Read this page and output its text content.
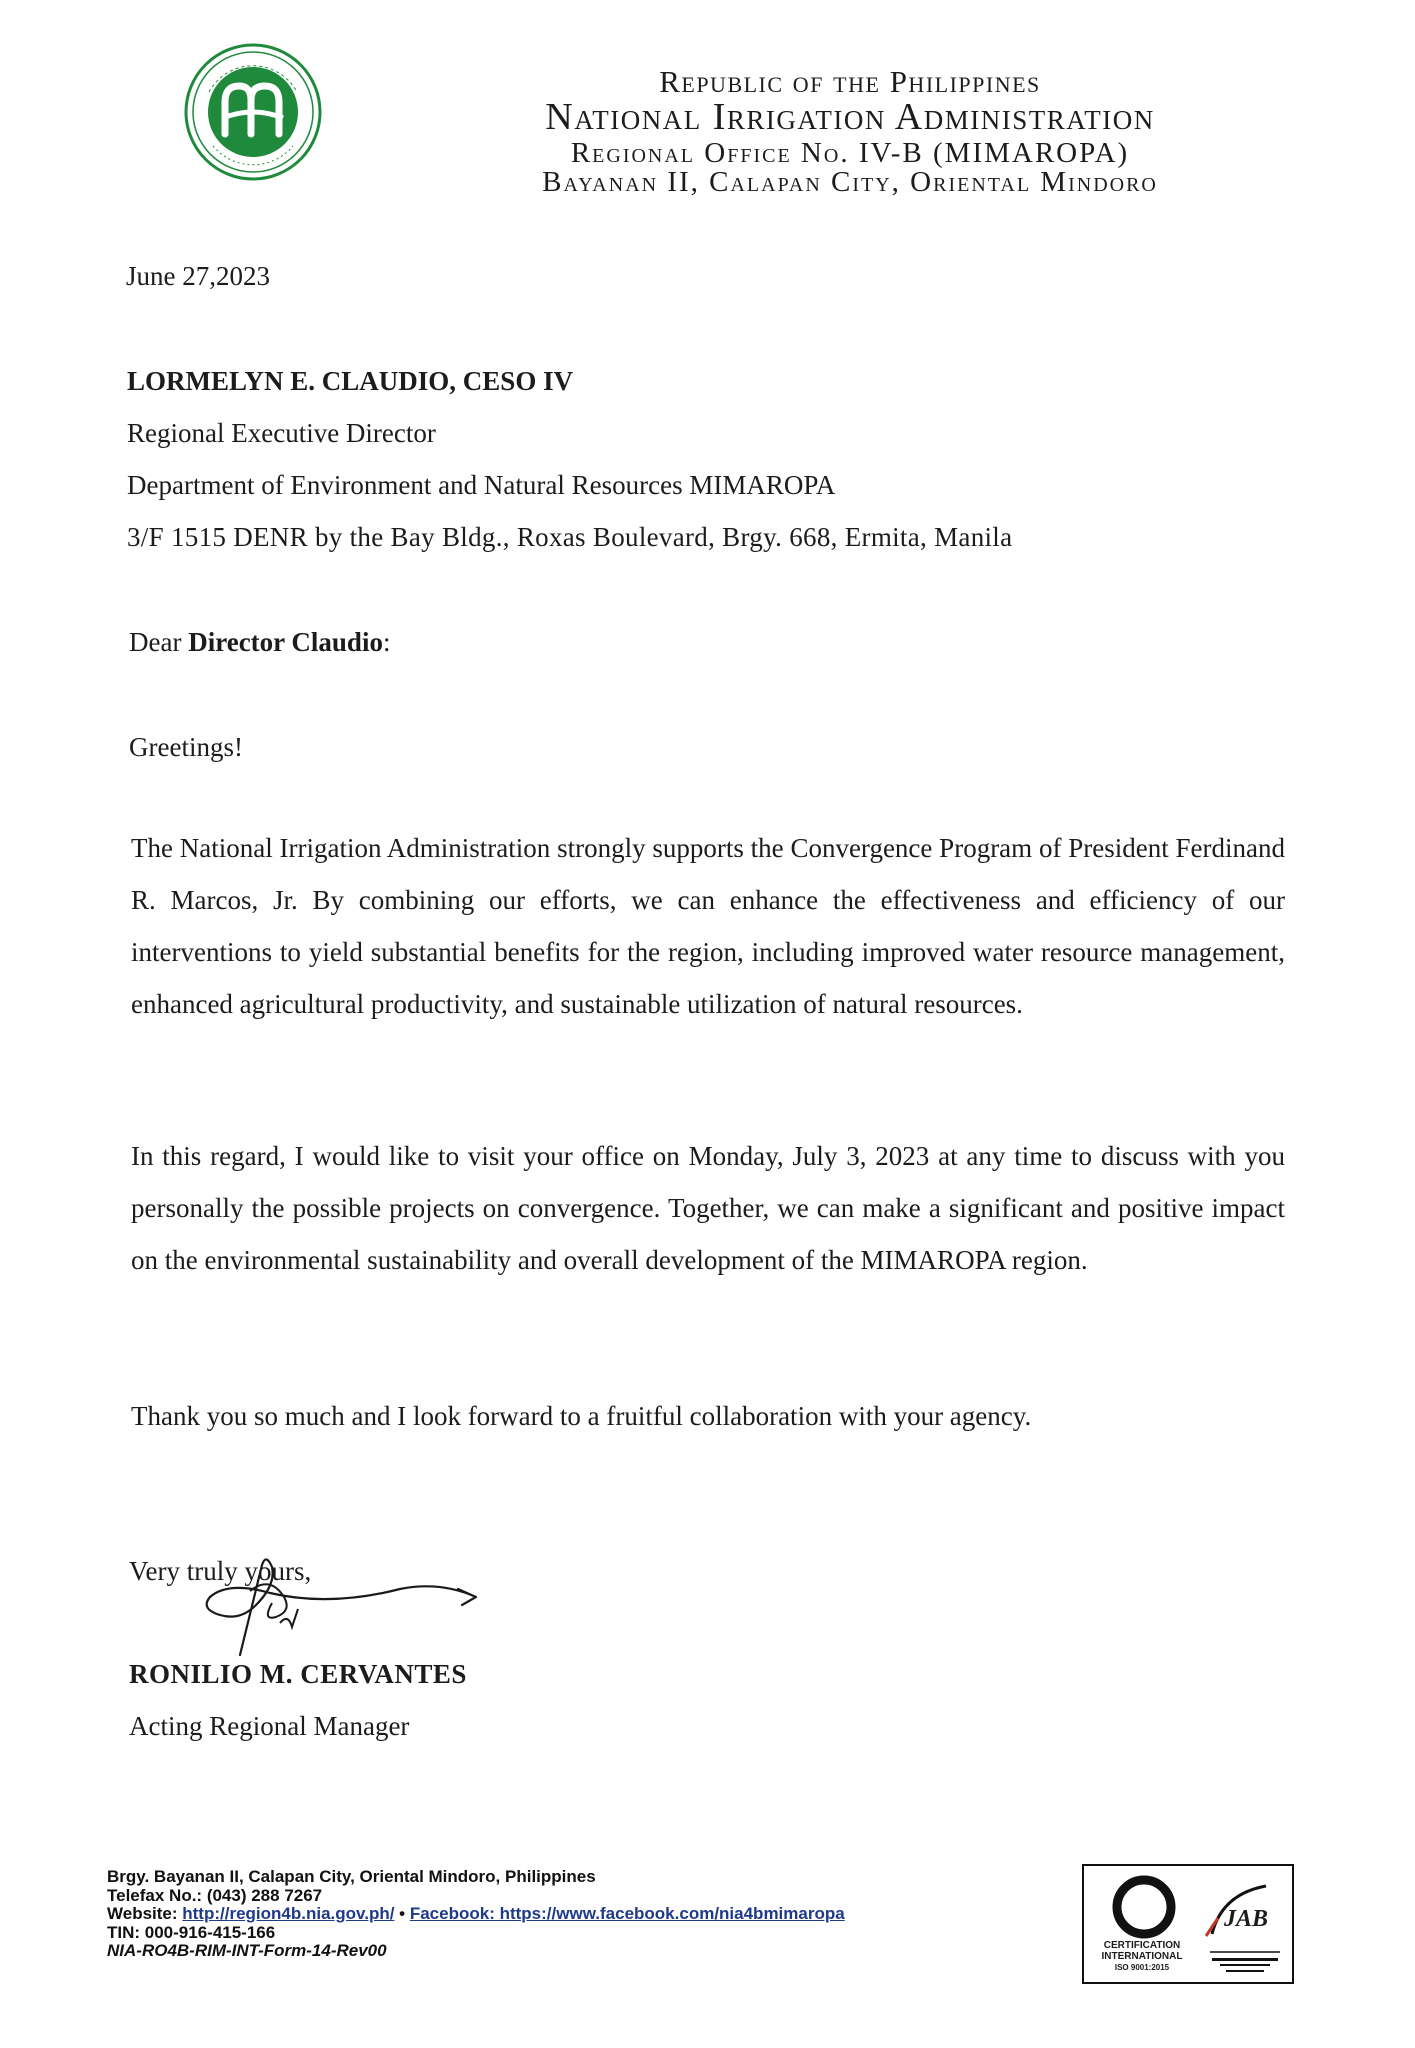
Republic of the Philippines
National Irrigation Administration
Regional Office No. IV-B (MIMAROPA)
Bayanan II, Calapan City, Oriental Mindoro
June 27,2023
LORMELYN E. CLAUDIO, CESO IV
Regional Executive Director
Department of Environment and Natural Resources MIMAROPA
3/F 1515 DENR by the Bay Bldg., Roxas Boulevard, Brgy. 668, Ermita, Manila
Dear Director Claudio:
Greetings!
The National Irrigation Administration strongly supports the Convergence Program of President Ferdinand R. Marcos, Jr. By combining our efforts, we can enhance the effectiveness and efficiency of our interventions to yield substantial benefits for the region, including improved water resource management, enhanced agricultural productivity, and sustainable utilization of natural resources.
In this regard, I would like to visit your office on Monday, July 3, 2023 at any time to discuss with you personally the possible projects on convergence. Together, we can make a significant and positive impact on the environmental sustainability and overall development of the MIMAROPA region.
Thank you so much and I look forward to a fruitful collaboration with your agency.
Very truly yours,
RONILIO M. CERVANTES
Acting Regional Manager
Brgy. Bayanan II, Calapan City, Oriental Mindoro, Philippines
Telefax No.: (043) 288 7267
Website: http://region4b.nia.gov.ph/ • Facebook: https://www.facebook.com/nia4bmimaropa
TIN: 000-916-415-166
NIA-RO4B-RIM-INT-Form-14-Rev00	CERTIFICATION
INTERNATIONAL
ISO 9001:2015
JAB
